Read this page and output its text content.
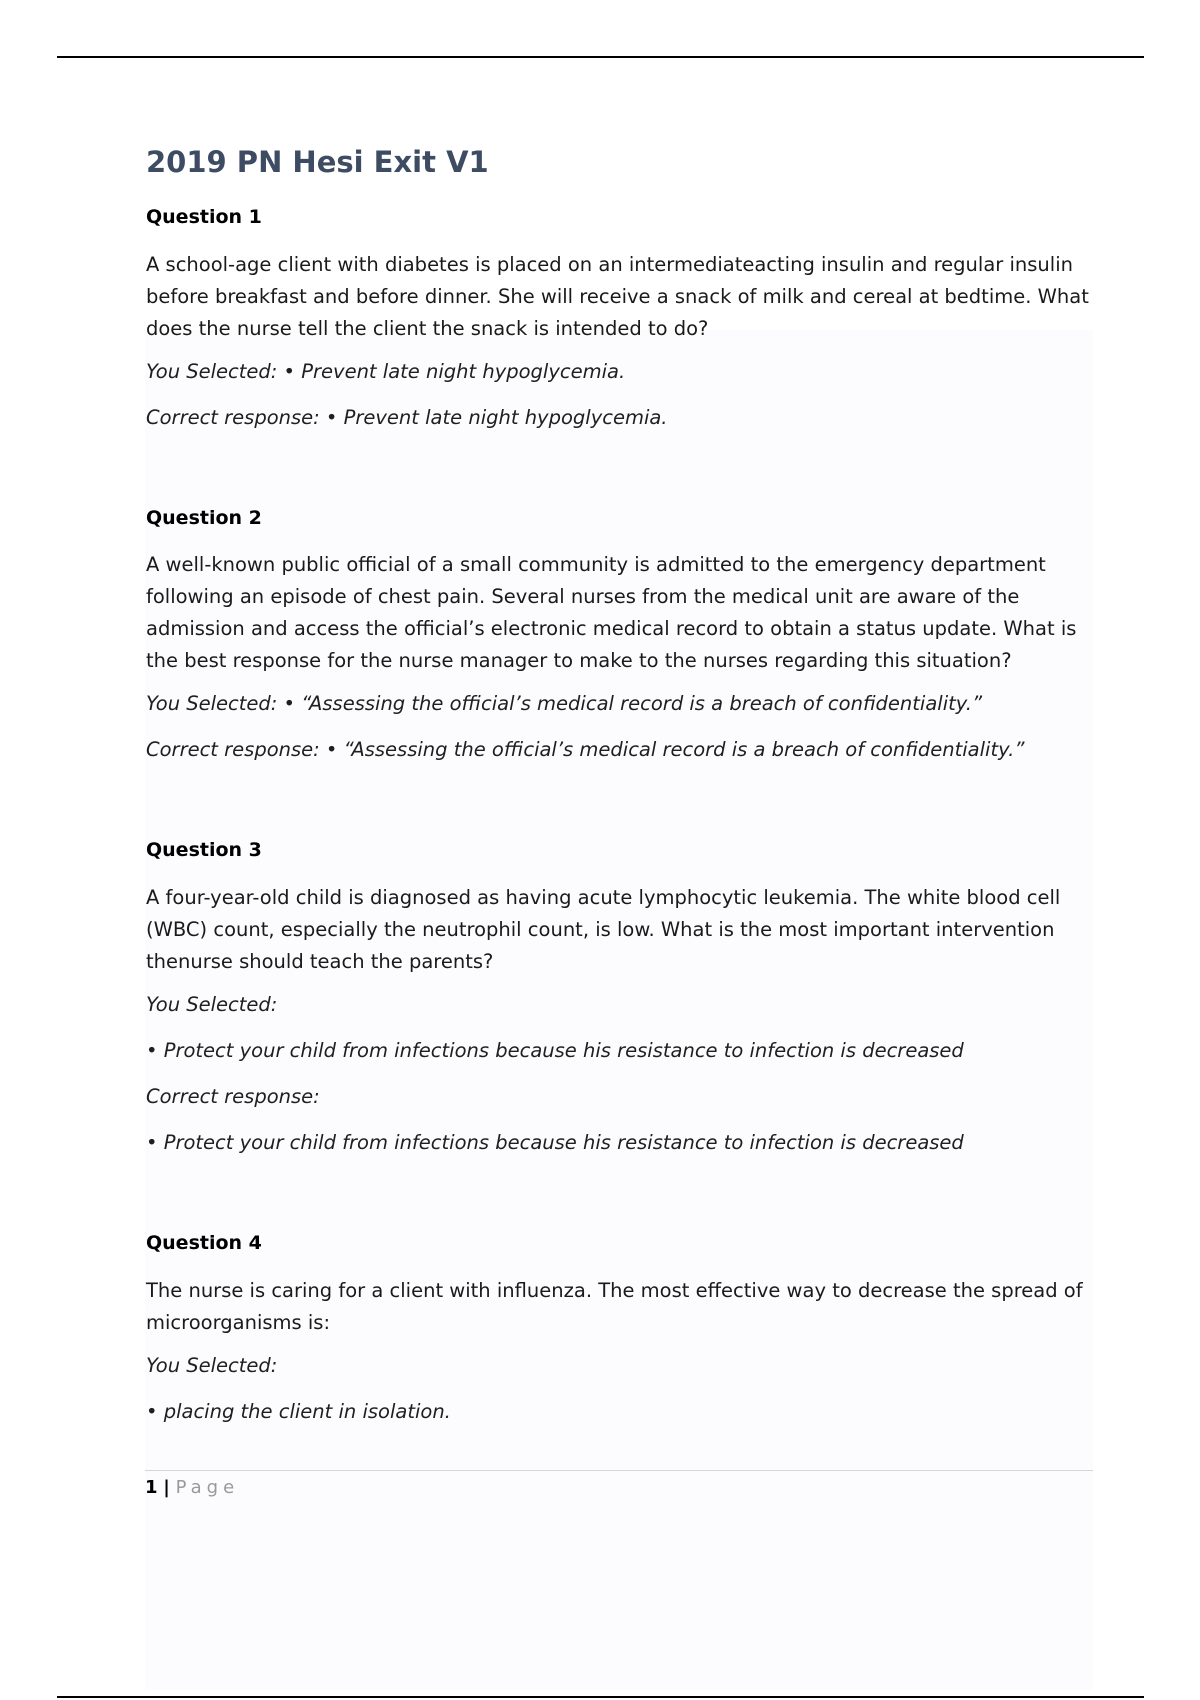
2019 PN Hesi Exit V1
Question 1
A school-age client with diabetes is placed on an intermediateacting insulin and regular insulin before breakfast and before dinner. She will receive a snack of milk and cereal at bedtime. What does the nurse tell the client the snack is intended to do?
You Selected: • Prevent late night hypoglycemia.
Correct response: • Prevent late night hypoglycemia.
Question 2
A well-known public official of a small community is admitted to the emergency department following an episode of chest pain. Several nurses from the medical unit are aware of the admission and access the official’s electronic medical record to obtain a status update. What is the best response for the nurse manager to make to the nurses regarding this situation?
You Selected: • “Assessing the official’s medical record is a breach of confidentiality.”
Correct response: • “Assessing the official’s medical record is a breach of confidentiality.”
Question 3
A four-year-old child is diagnosed as having acute lymphocytic leukemia. The white blood cell (WBC) count, especially the neutrophil count, is low. What is the most important intervention thenurse should teach the parents?
You Selected:
• Protect your child from infections because his resistance to infection is decreased
Correct response:
• Protect your child from infections because his resistance to infection is decreased
Question 4
The nurse is caring for a client with influenza. The most effective way to decrease the spread of microorganisms is:
You Selected:
• placing the client in isolation.
1 | Page
